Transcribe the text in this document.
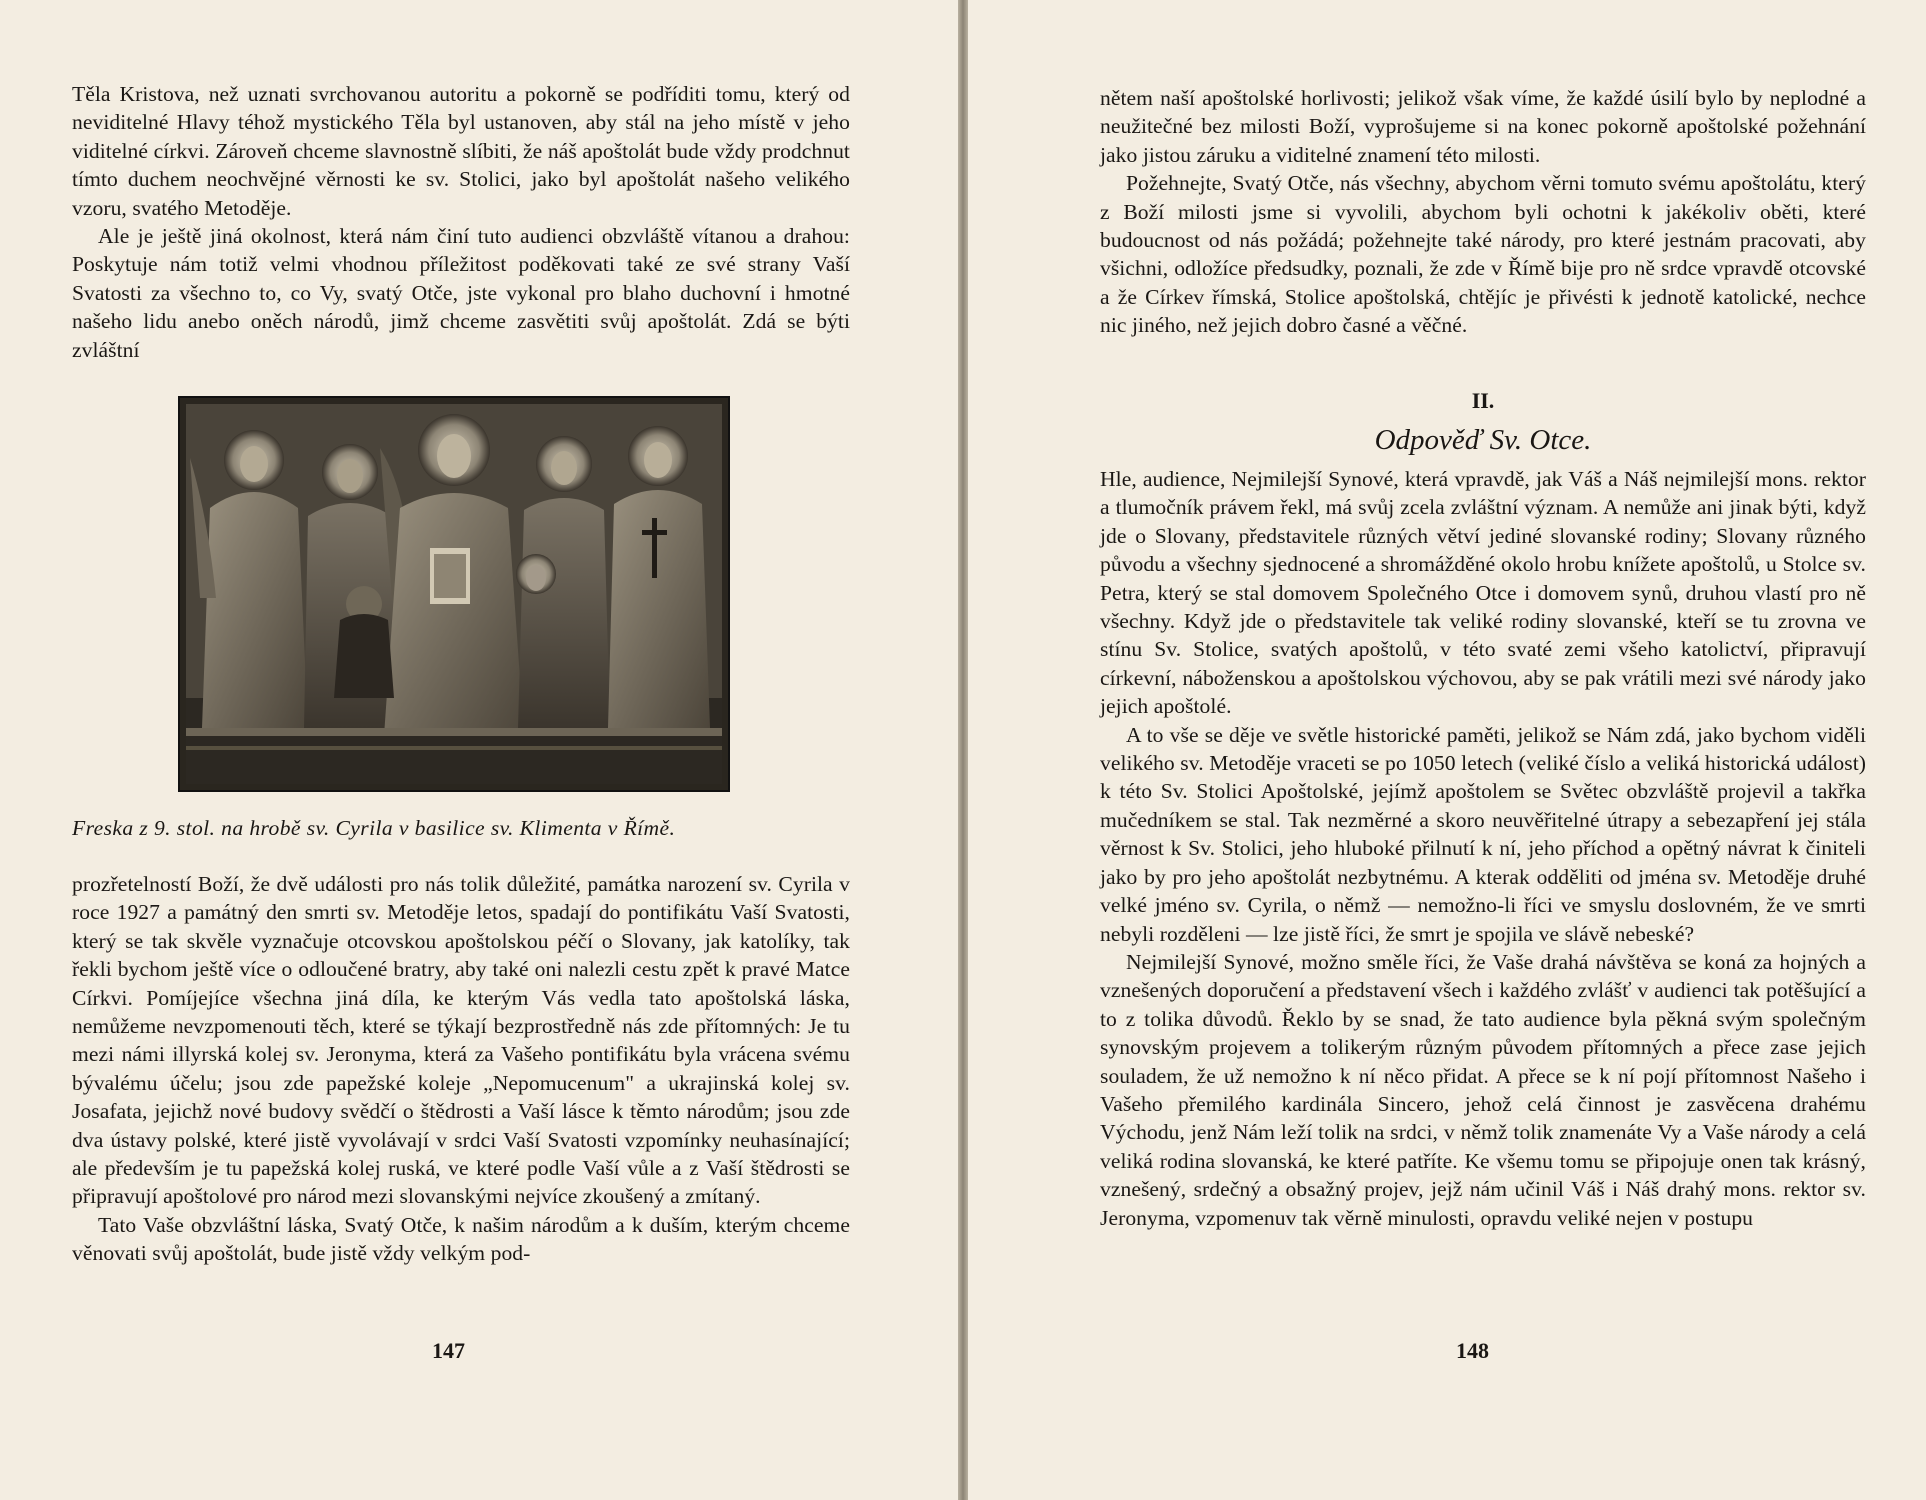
Těla Kristova, než uznati svrchovanou autoritu a pokorně se podříditi tomu, který od neviditelné Hlavy téhož mystického Těla byl ustanoven, aby stál na jeho místě v jeho viditelné církvi. Zároveň chceme slavnostně slíbiti, že náš apoštolát bude vždy prodchnut tímto duchem neochvějné věrnosti ke sv. Stolici, jako byl apoštolát našeho velikého vzoru, svatého Metoděje.

Ale je ještě jiná okolnost, která nám činí tuto audienci obzvláště vítanou a drahou: Poskytuje nám totiž velmi vhodnou příležitost poděkovati také ze své strany Vaší Svatosti za všechno to, co Vy, svatý Otče, jste vykonal pro blaho duchovní i hmotné našeho lidu anebo oněch národů, jimž chceme zasvětiti svůj apoštolát. Zdá se býti zvláštní

Freska z 9. stol. na hrobě sv. Cyrila v basilice sv. Klimenta v Římě.

prozřetelností Boží, že dvě události pro nás tolik důležité, památka narození sv. Cyrila v roce 1927 a památný den smrti sv. Metoděje letos, spadají do pontifikátu Vaší Svatosti, který se tak skvěle vyznačuje otcovskou apoštolskou péčí o Slovany, jak katolíky, tak řekli bychom ještě více o odloučené bratry, aby také oni nalezli cestu zpět k pravé Matce Církvi. Pomíjejíce všechna jiná díla, ke kterým Vás vedla tato apoštolská láska, nemůžeme nevzpomenouti těch, které se týkají bezprostředně nás zde přítomných: Je tu mezi námi illyrská kolej sv. Jeronyma, která za Vašeho pontifikátu byla vrácena svému bývalému účelu; jsou zde papežské koleje „Nepomucenum" a ukrajinská kolej sv. Josafata, jejichž nové budovy svědčí o štědrosti a Vaší lásce k těmto národům; jsou zde dva ústavy polské, které jistě vyvolávají v srdci Vaší Svatosti vzpomínky neuhasínající; ale především je tu papežská kolej ruská, ve které podle Vaší vůle a z Vaší štědrosti se připravují apoštolové pro národ mezi slovanskými nejvíce zkoušený a zmítaný.

Tato Vaše obzvláštní láska, Svatý Otče, k našim národům a k duším, kterým chceme věnovati svůj apoštolát, bude jistě vždy velkým pod-

147

nětem naší apoštolské horlivosti; jelikož však víme, že každé úsilí bylo by neplodné a neužitečné bez milosti Boží, vyprošujeme si na konec pokorně apoštolské požehnání jako jistou záruku a viditelné znamení této milosti.

Požehnejte, Svatý Otče, nás všechny, abychom věrni tomuto svému apoštolátu, který z Boží milosti jsme si vyvolili, abychom byli ochotni k jakékoliv oběti, které budoucnost od nás požádá; požehnejte také národy, pro které jestnám pracovati, aby všichni, odložíce předsudky, poznali, že zde v Římě bije pro ně srdce vpravdě otcovské a že Církev římská, Stolice apoštolská, chtějíc je přivésti k jednotě katolické, nechce nic jiného, než jejich dobro časné a věčné.

II.
Odpověď Sv. Otce.

Hle, audience, Nejmilejší Synové, která vpravdě, jak Váš a Náš nejmilejší mons. rektor a tlumočník právem řekl, má svůj zcela zvláštní význam. A nemůže ani jinak býti, když jde o Slovany, představitele různých větví jediné slovanské rodiny; Slovany různého původu a všechny sjednocené a shromážděné okolo hrobu knížete apoštolů, u Stolce sv. Petra, který se stal domovem Společného Otce i domovem synů, druhou vlastí pro ně všechny. Když jde o představitele tak veliké rodiny slovanské, kteří se tu zrovna ve stínu Sv. Stolice, svatých apoštolů, v této svaté zemi všeho katolictví, připravují církevní, náboženskou a apoštolskou výchovou, aby se pak vrátili mezi své národy jako jejich apoštolé.

A to vše se děje ve světle historické paměti, jelikož se Nám zdá, jako bychom viděli velikého sv. Metoděje vraceti se po 1050 letech (veliké číslo a veliká historická událost) k této Sv. Stolici Apoštolské, jejímž apoštolem se Světec obzvláště projevil a takřka mučedníkem se stal. Tak nezměrné a skoro neuvěřitelné útrapy a sebezapření jej stála věrnost k Sv. Stolici, jeho hluboké přilnutí k ní, jeho příchod a opětný návrat k činiteli jako by pro jeho apoštolát nezbytnému. A kterak odděliti od jména sv. Metoděje druhé velké jméno sv. Cyrila, o němž — nemožno-li říci ve smyslu doslovném, že ve smrti nebyli rozděleni — lze jistě říci, že smrt je spojila ve slávě nebeské?

Nejmilejší Synové, možno směle říci, že Vaše drahá návštěva se koná za hojných a vznešených doporučení a představení všech i každého zvlášť v audienci tak potěšující a to z tolika důvodů. Řeklo by se snad, že tato audience byla pěkná svým společným synovským projevem a tolikerým různým původem přítomných a přece zase jejich souladem, že už nemožno k ní něco přidat. A přece se k ní pojí přítomnost Našeho i Vašeho přemilého kardinála Sincero, jehož celá činnost je zasvěcena drahému Východu, jenž Nám leží tolik na srdci, v němž tolik znamenáte Vy a Vaše národy a celá veliká rodina slovanská, ke které patříte. Ke všemu tomu se připojuje onen tak krásný, vznešený, srdečný a obsažný projev, jejž nám učinil Váš i Náš drahý mons. rektor sv. Jeronyma, vzpomenuv tak věrně minulosti, opravdu veliké nejen v postupu

148
